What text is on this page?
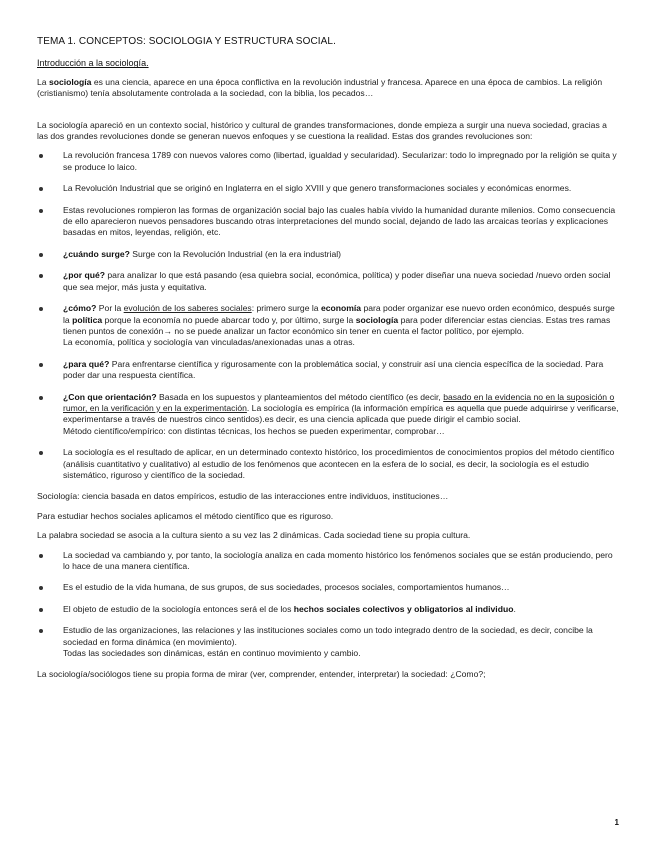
TEMA 1. CONCEPTOS: SOCIOLOGIA Y ESTRUCTURA SOCIAL.
Introducción a la sociología.

La sociología es una ciencia, aparece en una época conflictiva en la revolución industrial y francesa. Aparece en una época de cambios. La religión (cristianismo) tenía absolutamente controlada a la sociedad, con la biblia, los pecados…

La sociología apareció en un contexto social, histórico y cultural de grandes transformaciones, donde empieza a surgir una nueva sociedad, gracias a las dos grandes revoluciones donde se generan nuevos enfoques y se cuestiona la realidad. Estas dos grandes revoluciones son:

La revolución francesa 1789 con nuevos valores como (libertad, igualdad y secularidad). Secularizar: todo lo impregnado por la religión se quita y se produce lo laico.
La Revolución Industrial que se originó en Inglaterra en el siglo XVIII y que genero transformaciones sociales y económicas enormes.
Estas revoluciones rompieron las formas de organización social bajo las cuales había vivido la humanidad durante milenios. Como consecuencia de ello aparecieron nuevos pensadores buscando otras interpretaciones del mundo social, dejando de lado las arcaicas teorías y explicaciones basadas en mitos, leyendas, religión, etc.
¿cuándo surge? Surge con la Revolución Industrial (en la era industrial)
¿por qué? para analizar lo que está pasando (esa quiebra social, económica, política) y poder diseñar una nueva sociedad /nuevo orden social que sea mejor, más justa y equitativa.
¿cómo? Por la evolución de los saberes sociales: primero surge la economía para poder organizar ese nuevo orden económico, después surge la política porque la economía no puede abarcar todo y, por último, surge la sociología para poder diferenciar estas ciencias. Estas tres ramas tienen puntos de conexión→ no se puede analizar un factor económico sin tener en cuenta el factor político, por ejemplo.
La economía, política y sociología van vinculadas/anexionadas unas a otras.
¿para qué? Para enfrentarse científica y rigurosamente con la problemática social, y construir así una ciencia específica de la sociedad. Para poder dar una respuesta científica.
¿Con que orientación? Basada en los supuestos y planteamientos del método científico (es decir, basado en la evidencia no en la suposición o rumor, en la verificación y en la experimentación. La sociología es empírica (la información empírica es aquella que puede adquirirse y verificarse, experimentarse a través de nuestros cinco sentidos).es decir, es una ciencia aplicada que puede dirigir el cambio social.
Método científico/empírico: con distintas técnicas, los hechos se pueden experimentar, comprobar…
La sociología es el resultado de aplicar, en un determinado contexto histórico, los procedimientos de conocimientos propios del método científico (análisis cuantitativo y cualitativo) al estudio de los fenómenos que acontecen en la esfera de lo social, es decir, la sociología es el estudio sistemático, riguroso y científico de la sociedad.

Sociología: ciencia basada en datos empíricos, estudio de las interacciones entre individuos, instituciones…

Para estudiar hechos sociales aplicamos el método científico que es riguroso.

La palabra sociedad se asocia a la cultura siento a su vez las 2 dinámicas. Cada sociedad tiene su propia cultura.

La sociedad va cambiando y, por tanto, la sociología analiza en cada momento histórico los fenómenos sociales que se están produciendo, pero lo hace de una manera científica.
Es el estudio de la vida humana, de sus grupos, de sus sociedades, procesos sociales, comportamientos humanos…
El objeto de estudio de la sociología entonces será el de los hechos sociales colectivos y obligatorios al individuo.
Estudio de las organizaciones, las relaciones y las instituciones sociales como un todo integrado dentro de la sociedad, es decir, concibe la sociedad en forma dinámica (en movimiento).
Todas las sociedades son dinámicas, están en continuo movimiento y cambio.

La sociología/sociólogos tiene su propia forma de mirar (ver, comprender, entender, interpretar) la sociedad: ¿Como?;

1
